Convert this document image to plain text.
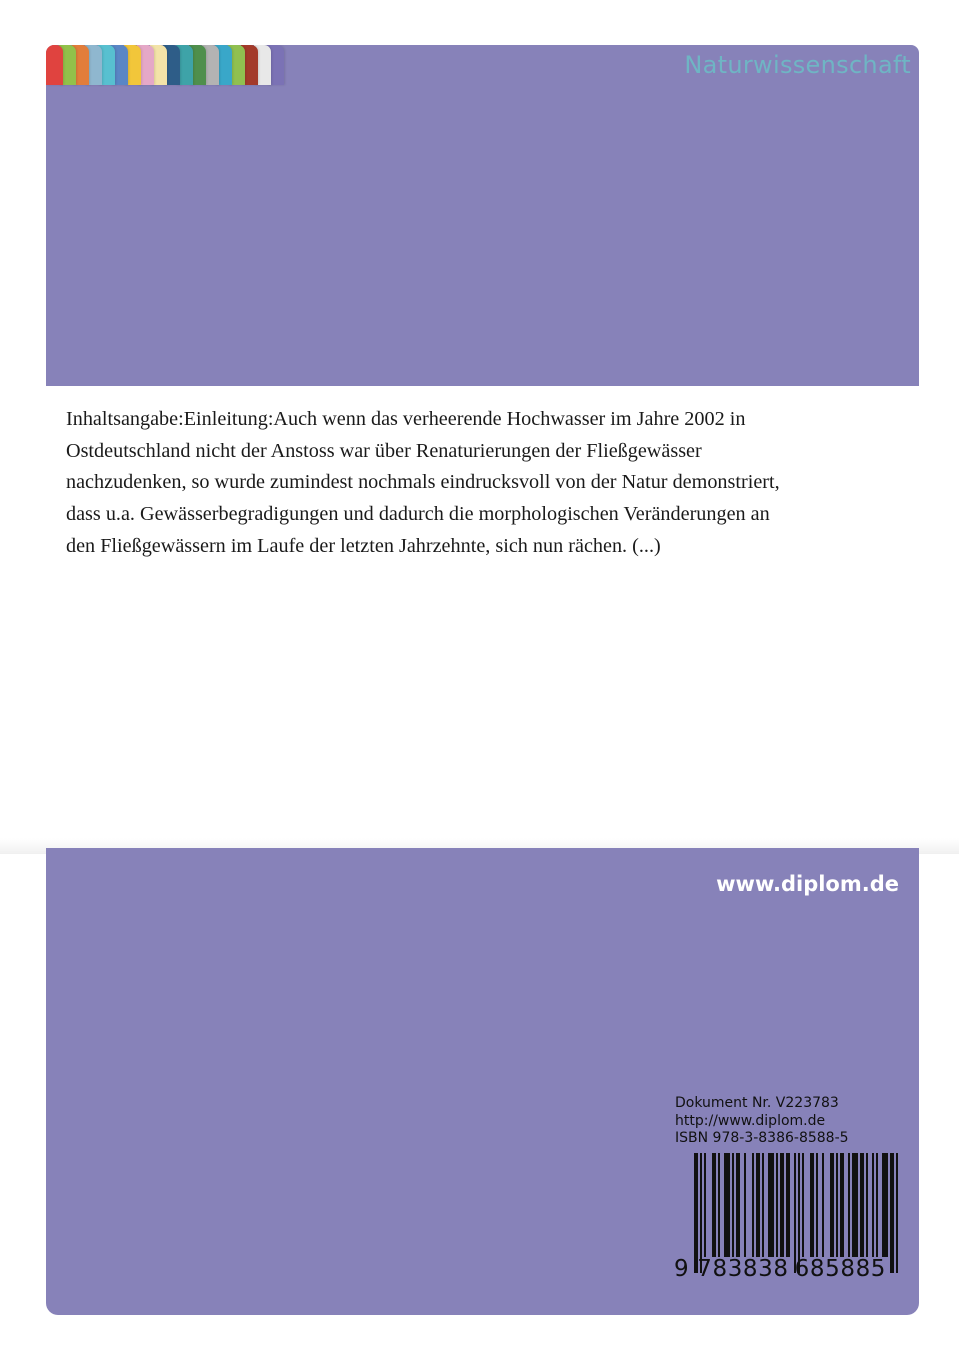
Naturwissenschaft

Inhaltsangabe:Einleitung:Auch wenn das verheerende Hochwasser im Jahre 2002 in Ostdeutschland nicht der Anstoss war über Renaturierungen der Fließgewässer nachzudenken, so wurde zumindest nochmals eindrucksvoll von der Natur demonstriert, dass u.a. Gewässerbegradigungen und dadurch die morphologischen Veränderungen an den Fließgewässern im Laufe der letzten Jahrzehnte, sich nun rächen. (...)

www.diplom.de
Dokument Nr. V223783
http://www.diplom.de
ISBN 978-3-8386-8588-5
9 783838 685885
